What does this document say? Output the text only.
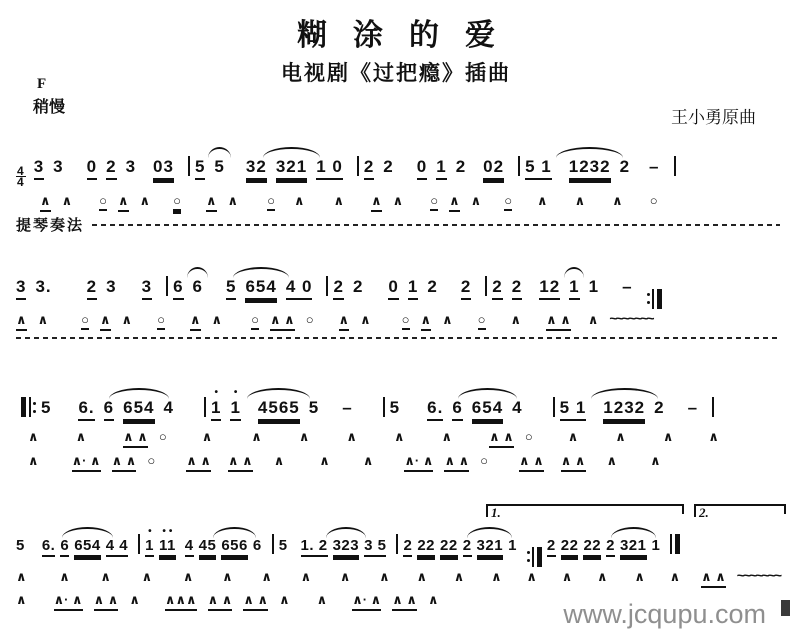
糊涂的爱
电视剧《过把瘾》插曲
F
稍慢
王小勇原曲
4
4
3 3 0 2 3 03 5 5 32 321 1 0 2 2 0 1 2 02 5 1 1232 2 –
∧ ∧ ○ ∧ ∧ ○ ∧ ∧ ○ ∧ ∧ ∧ ∧ ○ ∧ ∧ ○ ∧ ∧ ∧ ○
提琴奏法
3 3. 2 3 3 6 6 5 654 4 0 2 2 0 1 2 2 2 2 12 1 1 –
∧ ∧	○ ∧ ∧ ○ ∧ ∧ ○ ∧ ∧ ○ ∧ ∧ ○ ∧ ∧ ○ ∧ ∧ ∧ ∧ ~~~~~~~
5 6. 6 654 4 1
•
1
•
4565 5 – 5 6. 6 654 4 5 1 1232 2 –
∧	∧	∧ ∧ ○	∧	∧	∧	∧	∧	∧	∧ ∧ ○	∧	∧	∧	∧
∧	∧· ∧ ∧ ∧ ○ ∧ ∧ ∧ ∧ ∧	∧	∧ ∧· ∧ ∧ ∧ ○ ∧ ∧ ∧ ∧ ∧	∧
1.	2.
5 6. 6 654 4 4 1
•
11
••
4 45 656 6 5 1. 2 323 3 5 2 22 22 2 321 1 2 22 22 2 321 1
∧	∧ ∧ ∧ ∧ ∧ ∧ ∧ ∧ ∧ ∧ ∧ ∧ ∧ ∧ ∧ ∧ ∧ ∧ ∧ ~~~~~~~
∧ ∧· ∧ ∧ ∧ ∧ ∧∧∧ ∧ ∧ ∧ ∧ ∧ ∧ ∧· ∧ ∧ ∧ ∧	www.jcqupu.com
